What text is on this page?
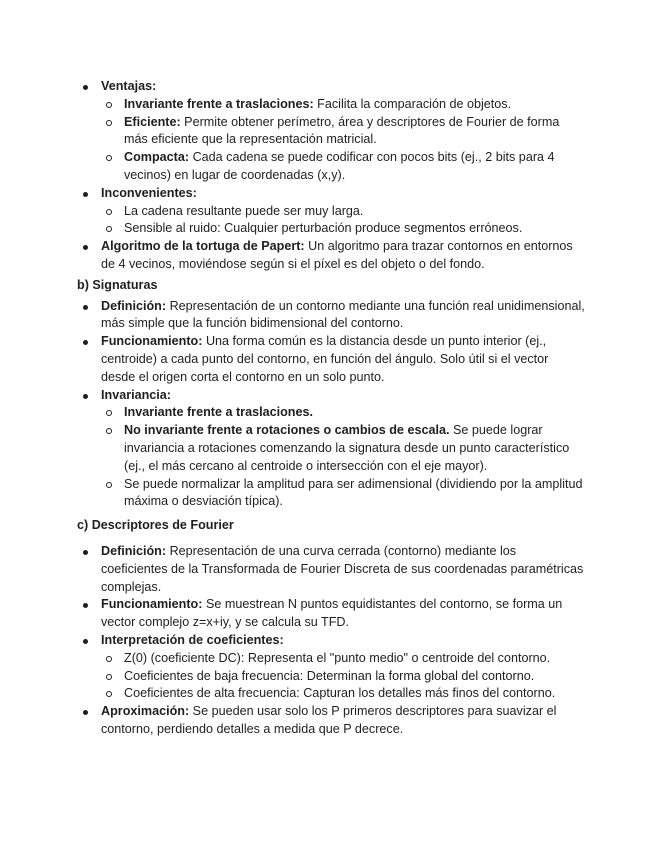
Ventajas:
Invariante frente a traslaciones: Facilita la comparación de objetos.
Eficiente: Permite obtener perímetro, área y descriptores de Fourier de forma más eficiente que la representación matricial.
Compacta: Cada cadena se puede codificar con pocos bits (ej., 2 bits para 4 vecinos) en lugar de coordenadas (x,y).
Inconvenientes:
La cadena resultante puede ser muy larga.
Sensible al ruido: Cualquier perturbación produce segmentos erróneos.
Algoritmo de la tortuga de Papert: Un algoritmo para trazar contornos en entornos de 4 vecinos, moviéndose según si el píxel es del objeto o del fondo.
b) Signaturas
Definición: Representación de un contorno mediante una función real unidimensional, más simple que la función bidimensional del contorno.
Funcionamiento: Una forma común es la distancia desde un punto interior (ej., centroide) a cada punto del contorno, en función del ángulo. Solo útil si el vector desde el origen corta el contorno en un solo punto.
Invariancia:
Invariante frente a traslaciones.
No invariante frente a rotaciones o cambios de escala. Se puede lograr invariancia a rotaciones comenzando la signatura desde un punto característico (ej., el más cercano al centroide o intersección con el eje mayor).
Se puede normalizar la amplitud para ser adimensional (dividiendo por la amplitud máxima o desviación típica).
c) Descriptores de Fourier
Definición: Representación de una curva cerrada (contorno) mediante los coeficientes de la Transformada de Fourier Discreta de sus coordenadas paramétricas complejas.
Funcionamiento: Se muestrean N puntos equidistantes del contorno, se forma un vector complejo z=x+iy, y se calcula su TFD.
Interpretación de coeficientes:
Z(0) (coeficiente DC): Representa el "punto medio" o centroide del contorno.
Coeficientes de baja frecuencia: Determinan la forma global del contorno.
Coeficientes de alta frecuencia: Capturan los detalles más finos del contorno.
Aproximación: Se pueden usar solo los P primeros descriptores para suavizar el contorno, perdiendo detalles a medida que P decrece.
